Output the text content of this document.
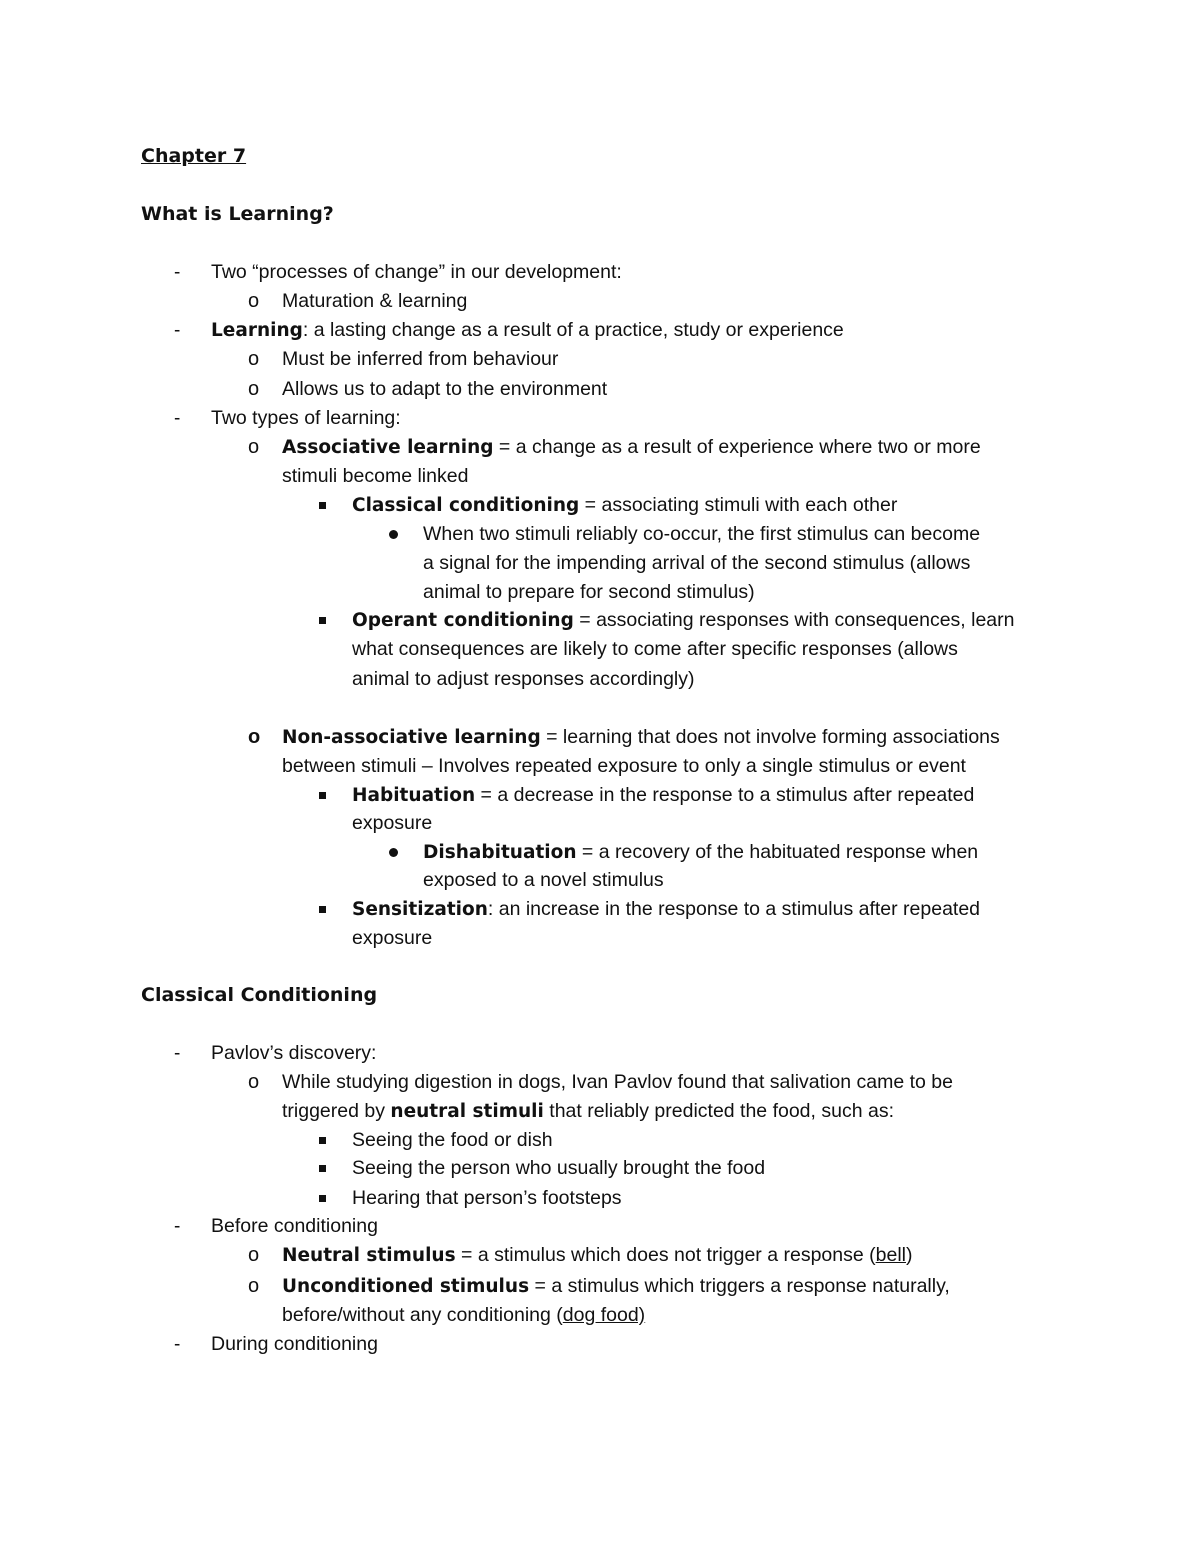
Chapter 7
What is Learning?
- Two “processes of change” in our development:

o Maturation & learning

- Learning: a lasting change as a result of a practice, study or experience

o Must be inferred from behaviour

o Allows us to adapt to the environment

- Two types of learning:

o Associative learning = a change as a result of experience where two or more

stimuli become linked

Classical conditioning = associating stimuli with each other

When two stimuli reliably co-occur, the first stimulus can become

a signal for the impending arrival of the second stimulus (allows

animal to prepare for second stimulus)

Operant conditioning = associating responses with consequences, learn

what consequences are likely to come after specific responses (allows

animal to adjust responses accordingly)

o Non-associative learning = learning that does not involve forming associations

between stimuli – Involves repeated exposure to only a single stimulus or event

Habituation = a decrease in the response to a stimulus after repeated

exposure

Dishabituation = a recovery of the habituated response when

exposed to a novel stimulus

Sensitization: an increase in the response to a stimulus after repeated

exposure

Classical Conditioning
- Pavlov’s discovery:

o While studying digestion in dogs, Ivan Pavlov found that salivation came to be

triggered by neutral stimuli that reliably predicted the food, such as:

Seeing the food or dish

Seeing the person who usually brought the food

Hearing that person’s footsteps

- Before conditioning

o Neutral stimulus = a stimulus which does not trigger a response (bell)

o Unconditioned stimulus = a stimulus which triggers a response naturally,

before/without any conditioning (dog food)

- During conditioning
